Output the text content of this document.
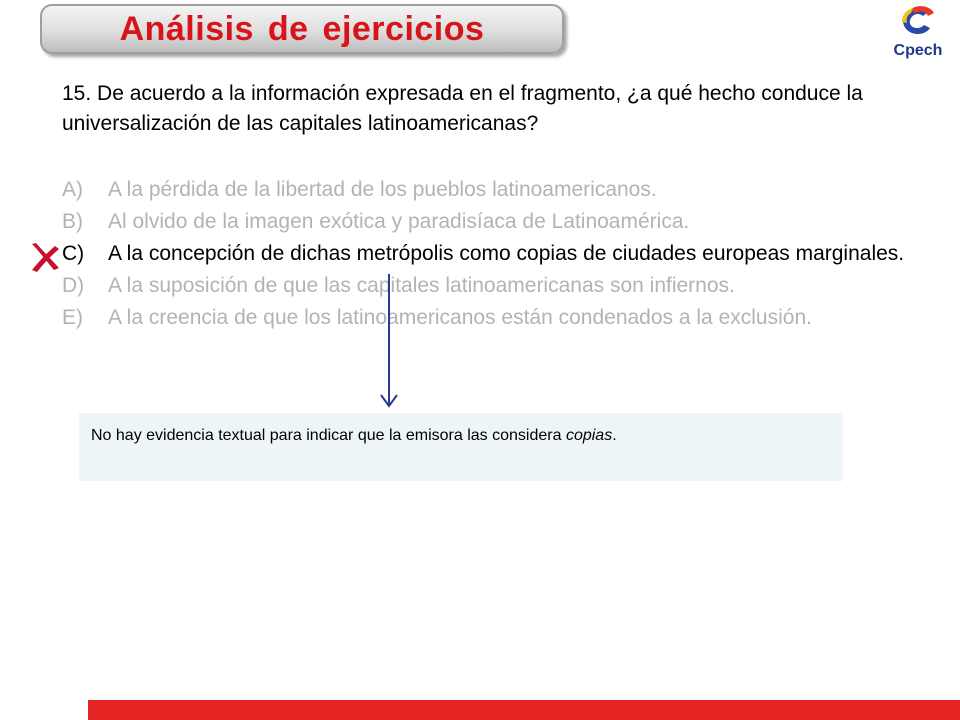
Análisis de ejercicios
Cpech
15. De acuerdo a la información expresada en el fragmento, ¿a qué hecho conduce la universalización de las capitales latinoamericanas?
A)	A la pérdida de la libertad de los pueblos latinoamericanos.
B)	Al olvido de la imagen exótica y paradisíaca de Latinoamérica.
C)	A la concepción de dichas metrópolis como copias de ciudades europeas marginales.
D)	A la suposición de que las capitales latinoamericanas son infiernos.
E)	A la creencia de que los latinoamericanos están condenados a la exclusión.
No hay evidencia textual para indicar que la emisora las considera copias.
